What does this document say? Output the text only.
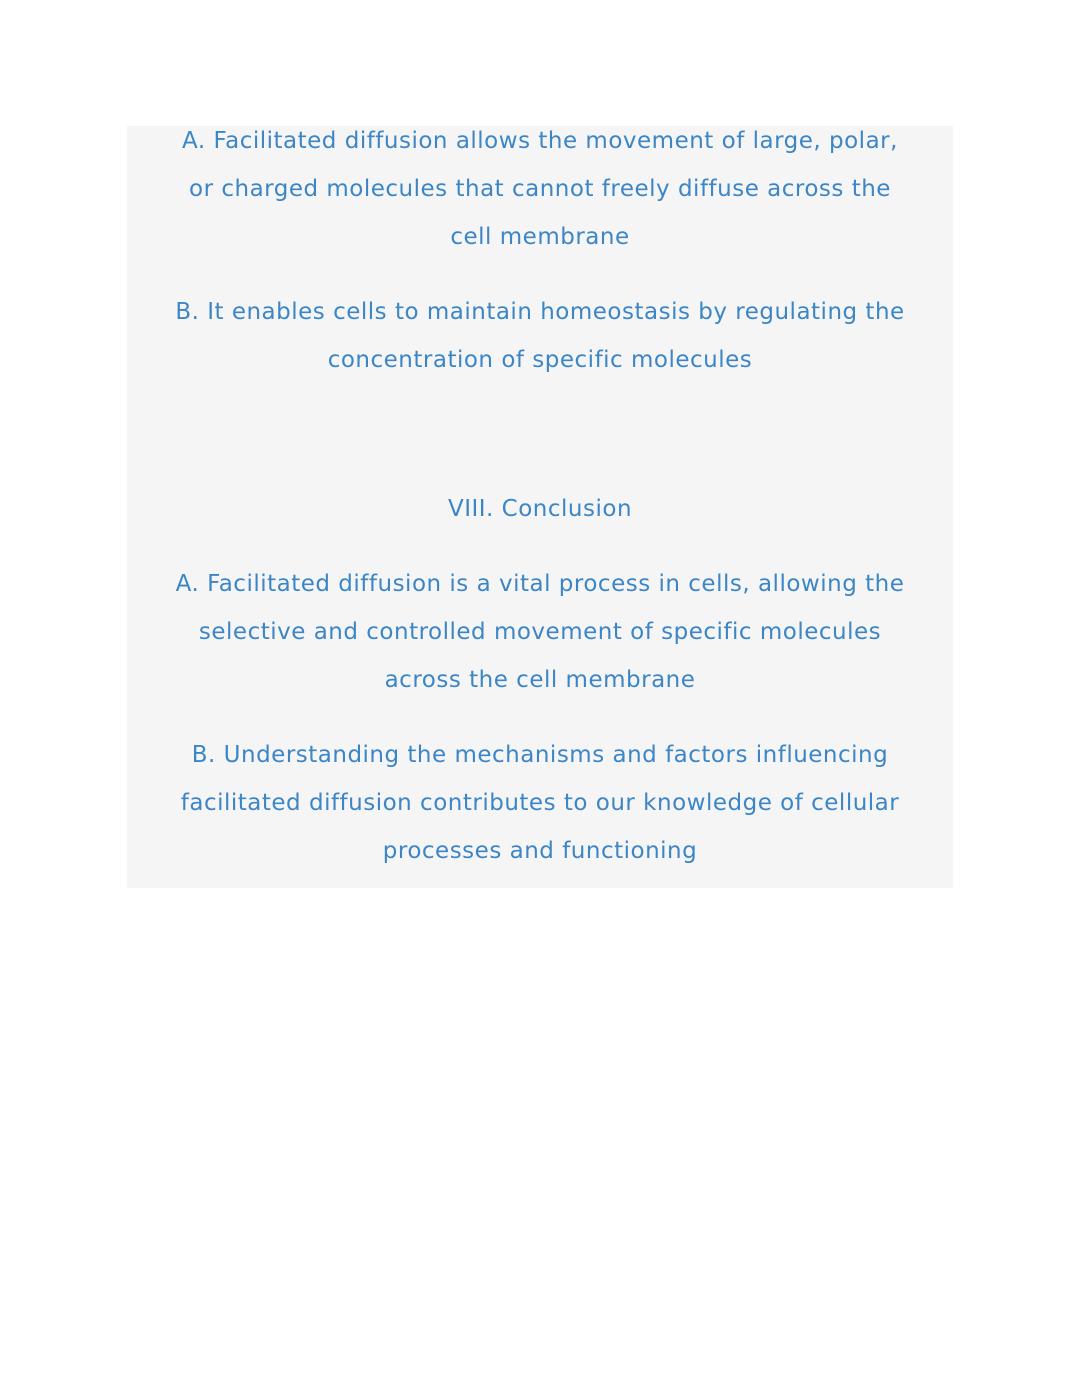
A. Facilitated diffusion allows the movement of large, polar,
or charged molecules that cannot freely diffuse across the
cell membrane
B. It enables cells to maintain homeostasis by regulating the
concentration of specific molecules
VIII. Conclusion
A. Facilitated diffusion is a vital process in cells, allowing the
selective and controlled movement of specific molecules
across the cell membrane
B. Understanding the mechanisms and factors influencing
facilitated diffusion contributes to our knowledge of cellular
processes and functioning
